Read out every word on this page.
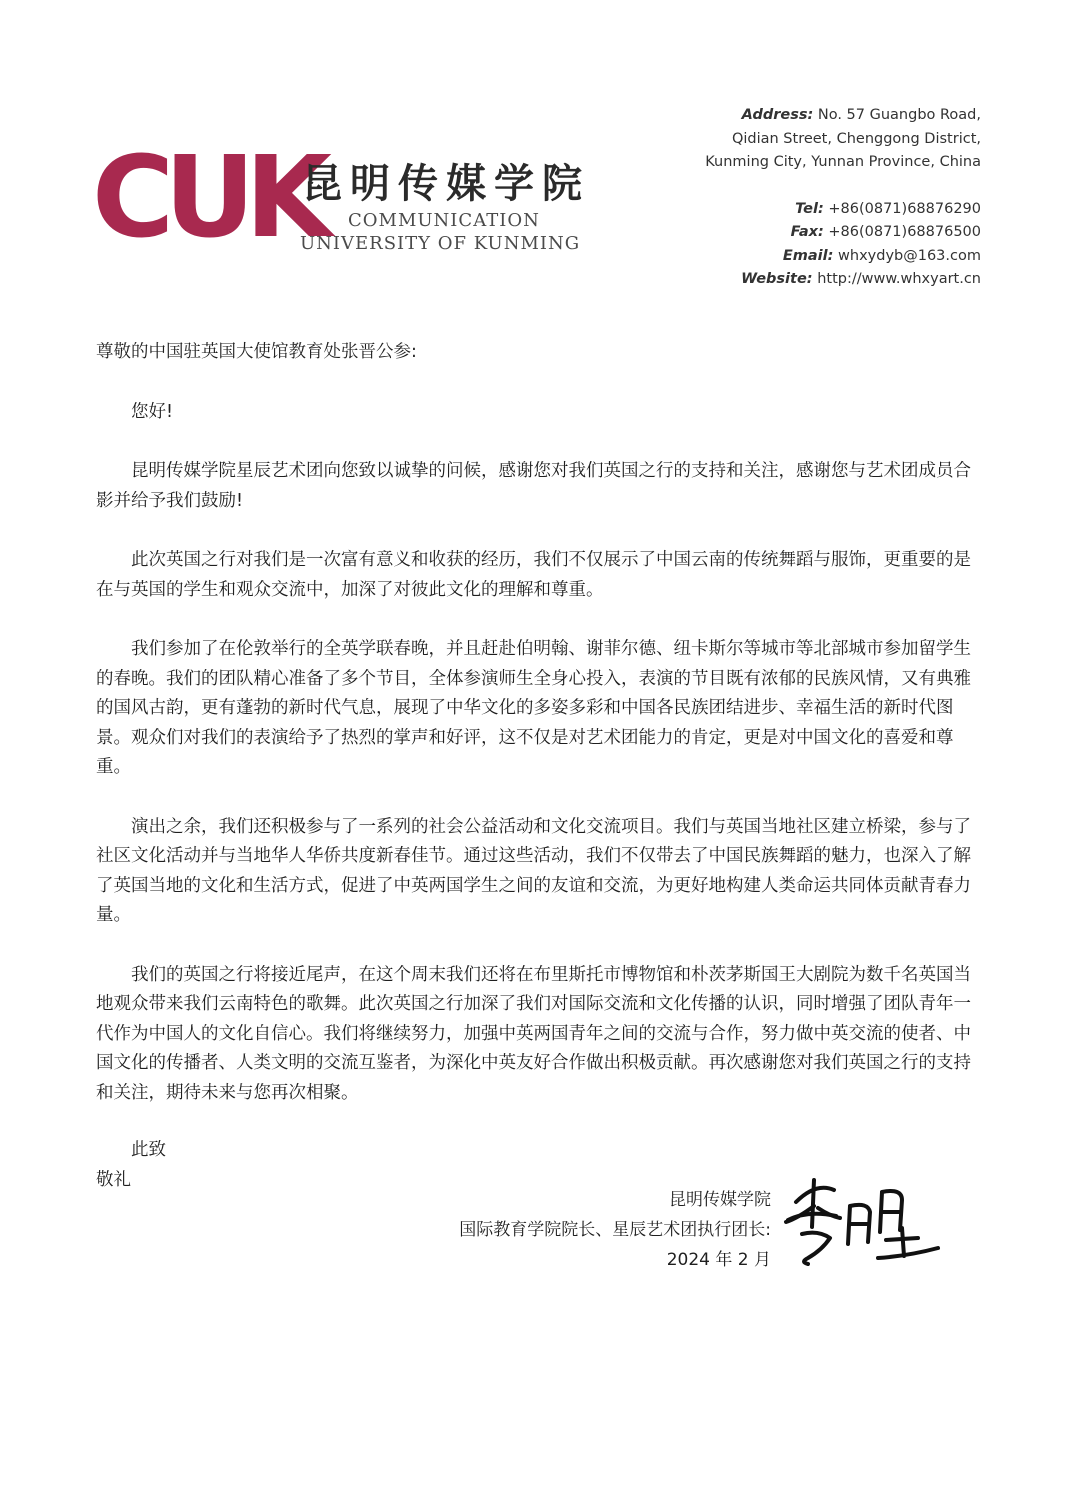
CUK
昆明传媒学院
COMMUNICATION
UNIVERSITY OF KUNMING
Address: No. 57 Guangbo Road,
Qidian Street, Chenggong District,
Kunming City, Yunnan Province, China
Tel: +86(0871)68876290
Fax: +86(0871)68876500
Email: whxydyb@163.com
Website: http://www.whxyart.cn

尊敬的中国驻英国大使馆教育处张晋公参:

您好!

昆明传媒学院星辰艺术团向您致以诚挚的问候，感谢您对我们英国之行的支持和关注，感谢您与艺术团成员合影并给予我们鼓励!

此次英国之行对我们是一次富有意义和收获的经历，我们不仅展示了中国云南的传统舞蹈与服饰，更重要的是在与英国的学生和观众交流中，加深了对彼此文化的理解和尊重。

我们参加了在伦敦举行的全英学联春晚，并且赶赴伯明翰、谢菲尔德、纽卡斯尔等城市等北部城市参加留学生的春晚。我们的团队精心准备了多个节目，全体参演师生全身心投入，表演的节目既有浓郁的民族风情，又有典雅的国风古韵，更有蓬勃的新时代气息，展现了中华文化的多姿多彩和中国各民族团结进步、幸福生活的新时代图景。观众们对我们的表演给予了热烈的掌声和好评，这不仅是对艺术团能力的肯定，更是对中国文化的喜爱和尊重。

演出之余，我们还积极参与了一系列的社会公益活动和文化交流项目。我们与英国当地社区建立桥梁，参与了社区文化活动并与当地华人华侨共度新春佳节。通过这些活动，我们不仅带去了中国民族舞蹈的魅力，也深入了解了英国当地的文化和生活方式，促进了中英两国学生之间的友谊和交流，为更好地构建人类命运共同体贡献青春力量。

我们的英国之行将接近尾声，在这个周末我们还将在布里斯托市博物馆和朴茨茅斯国王大剧院为数千名英国当地观众带来我们云南特色的歌舞。此次英国之行加深了我们对国际交流和文化传播的认识，同时增强了团队青年一代作为中国人的文化自信心。我们将继续努力，加强中英两国青年之间的交流与合作，努力做中英交流的使者、中国文化的传播者、人类文明的交流互鉴者，为深化中英友好合作做出积极贡献。再次感谢您对我们英国之行的支持和关注，期待未来与您再次相聚。

此致
敬礼
昆明传媒学院
国际教育学院院长、星辰艺术团执行团长:
2024 年 2 月
